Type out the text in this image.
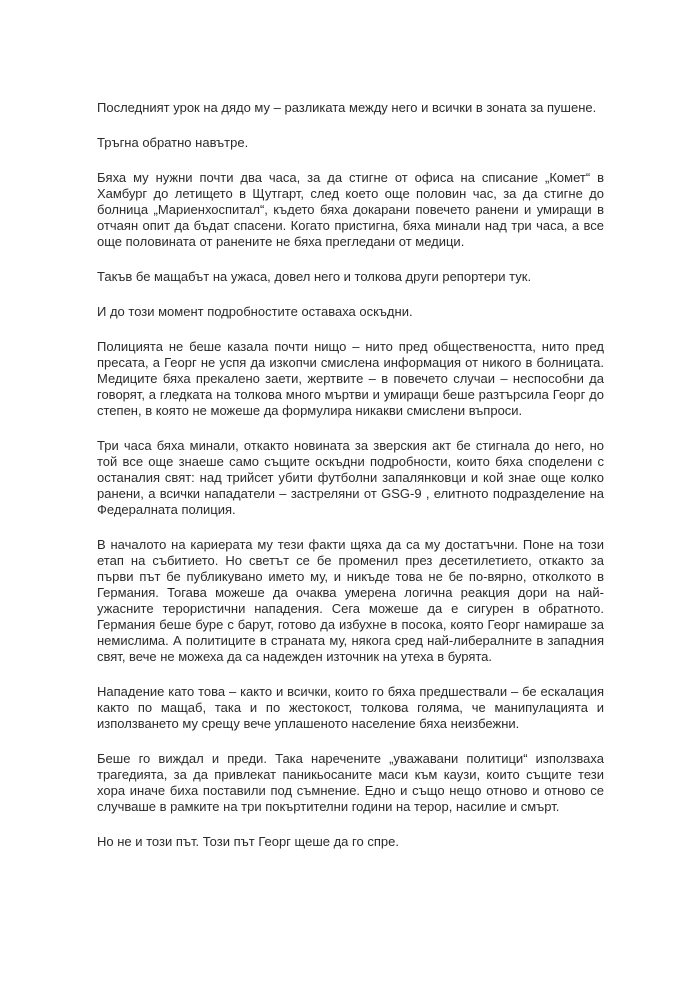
Последният урок на дядо му – разликата между него и всички в зоната за пушене.

Тръгна обратно навътре.

Бяха му нужни почти два часа, за да стигне от офиса на списание „Комет“ в Хамбург до летището в Щутгарт, след което още половин час, за да стигне до болница „Мариенхоспитал“, където бяха докарани повечето ранени и умиращи в отчаян опит да бъдат спасени. Когато пристигна, бяха минали над три часа, а все още половината от ранените не бяха прегледани от медици.

Такъв бе мащабът на ужаса, довел него и толкова други репортери тук.

И до този момент подробностите оставаха оскъдни.

Полицията не беше казала почти нищо – нито пред обществеността, нито пред пресата, а Георг не успя да изкопчи смислена информация от никого в болницата. Медиците бяха прекалено заети, жертвите – в повечето случаи – неспособни да говорят, а гледката на толкова много мъртви и умиращи беше разтърсила Георг до степен, в която не можеше да формулира никакви смислени въпроси.

Три часа бяха минали, откакто новината за зверския акт бе стигнала до него, но той все още знаеше само същите оскъдни подробности, които бяха споделени с останалия свят: над трийсет убити футболни запалянковци и кой знае още колко ранени, а всички нападатели – застреляни от GSG-9 , елитното подразделение на Федералната полиция.

В началото на кариерата му тези факти щяха да са му достатъчни. Поне на този етап на събитието. Но светът се бе променил през десетилетието, откакто за първи път бе публикувано името му, и никъде това не бе по-вярно, отколкото в Германия. Тогава можеше да очаква умерена логична реакция дори на най-ужасните терористични нападения. Сега можеше да е сигурен в обратното. Германия беше буре с барут, готово да избухне в посока, която Георг намираше за немислима. А политиците в страната му, някога сред най-либералните в западния свят, вече не можеха да са надежден източник на утеха в бурята.

Нападение като това – както и всички, които го бяха предшествали – бе ескалация както по мащаб, така и по жестокост, толкова голяма, че манипулацията и използването му срещу вече уплашеното население бяха неизбежни.

Беше го виждал и преди. Така наречените „уважавани политици“ използваха трагедията, за да привлекат паникьосаните маси към каузи, които същите тези хора иначе биха поставили под съмнение. Едно и също нещо отново и отново се случваше в рамките на три покъртителни години на терор, насилие и смърт.

Но не и този път. Този път Георг щеше да го спре.
